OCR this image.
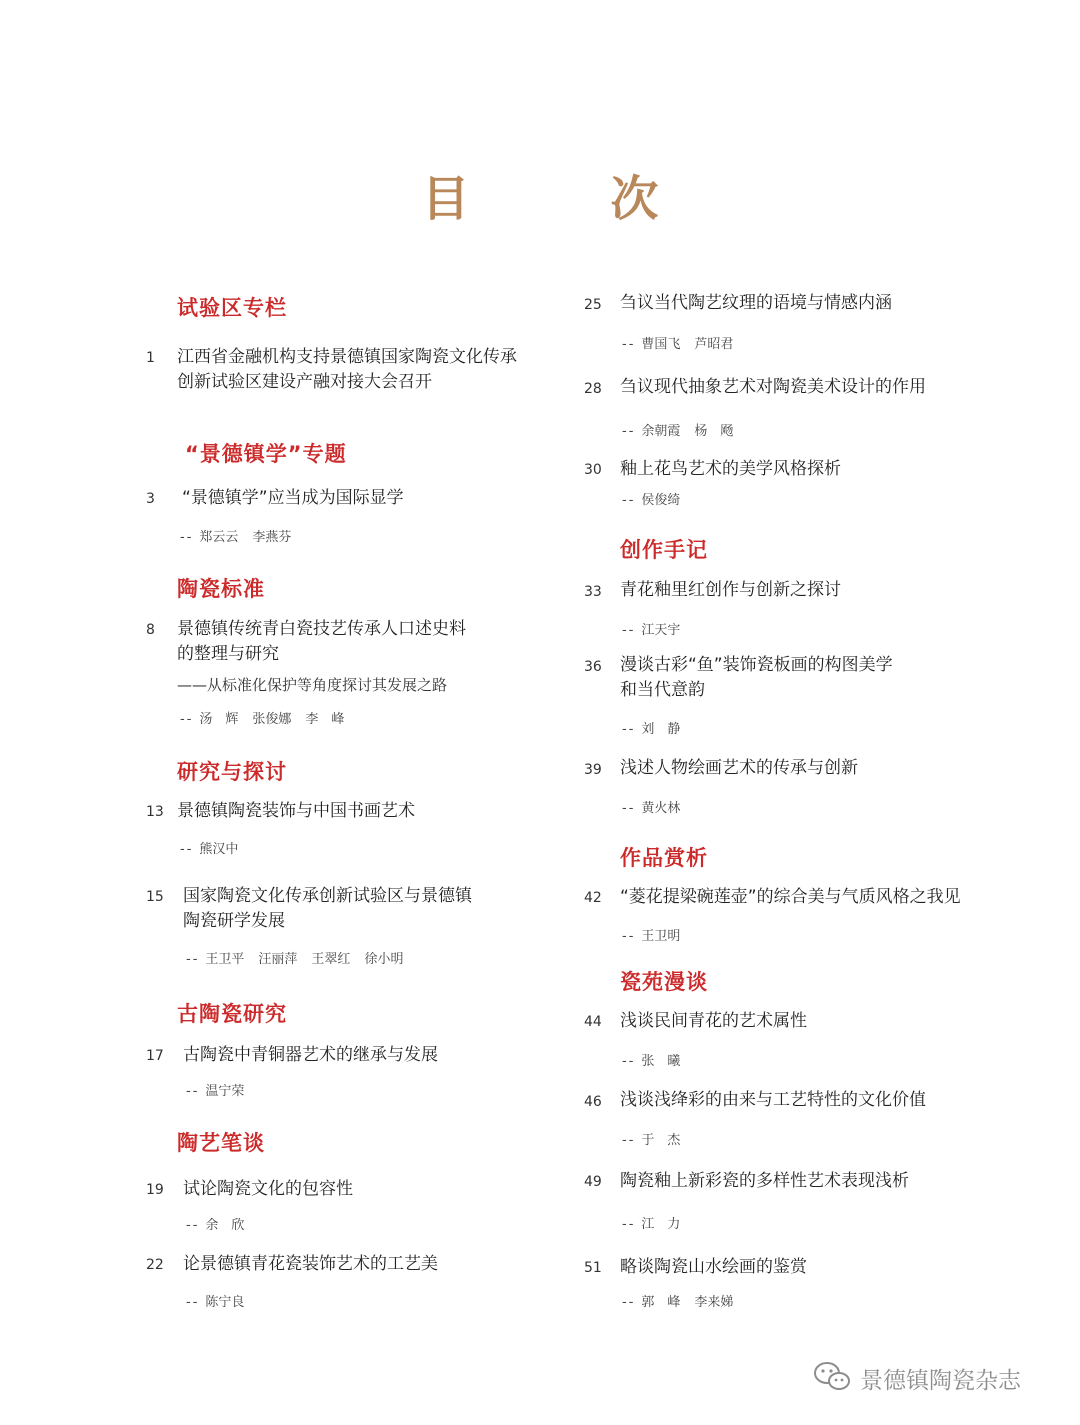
目 次
试验区专栏
1 江西省金融机构支持景德镇国家陶瓷文化传承
创新试验区建设产融对接大会召开
“景德镇学”专题
3 “景德镇学”应当成为国际显学
-- 郑云云 李燕芬
陶瓷标准
8 景德镇传统青白瓷技艺传承人口述史料
的整理与研究
——从标准化保护等角度探讨其发展之路
-- 汤　辉 张俊娜 李　峰
研究与探讨
13 景德镇陶瓷装饰与中国书画艺术
-- 熊汉中
15 国家陶瓷文化传承创新试验区与景德镇
陶瓷研学发展
-- 王卫平 汪丽萍 王翠红 徐小明
古陶瓷研究
17 古陶瓷中青铜器艺术的继承与发展
-- 温宁荣
陶艺笔谈
19 试论陶瓷文化的包容性
-- 余　欣
22 论景德镇青花瓷装饰艺术的工艺美
-- 陈宁良
25 刍议当代陶艺纹理的语境与情感内涵
-- 曹国飞 芦昭君
28 刍议现代抽象艺术对陶瓷美术设计的作用
-- 余朝霞 杨　飏
30 釉上花鸟艺术的美学风格探析
-- 侯俊绮
创作手记
33 青花釉里红创作与创新之探讨
-- 江天宇
36 漫谈古彩“鱼”装饰瓷板画的构图美学
和当代意韵
-- 刘　静
39 浅述人物绘画艺术的传承与创新
-- 黄火林
作品赏析
42 “菱花提梁碗莲壶”的综合美与气质风格之我见
-- 王卫明
瓷苑漫谈
44 浅谈民间青花的艺术属性
-- 张　曦
46 浅谈浅绛彩的由来与工艺特性的文化价值
-- 于　杰
49 陶瓷釉上新彩瓷的多样性艺术表现浅析
-- 江　力
51 略谈陶瓷山水绘画的鉴赏
-- 郭　峰 李来娣
景德镇陶瓷杂志
